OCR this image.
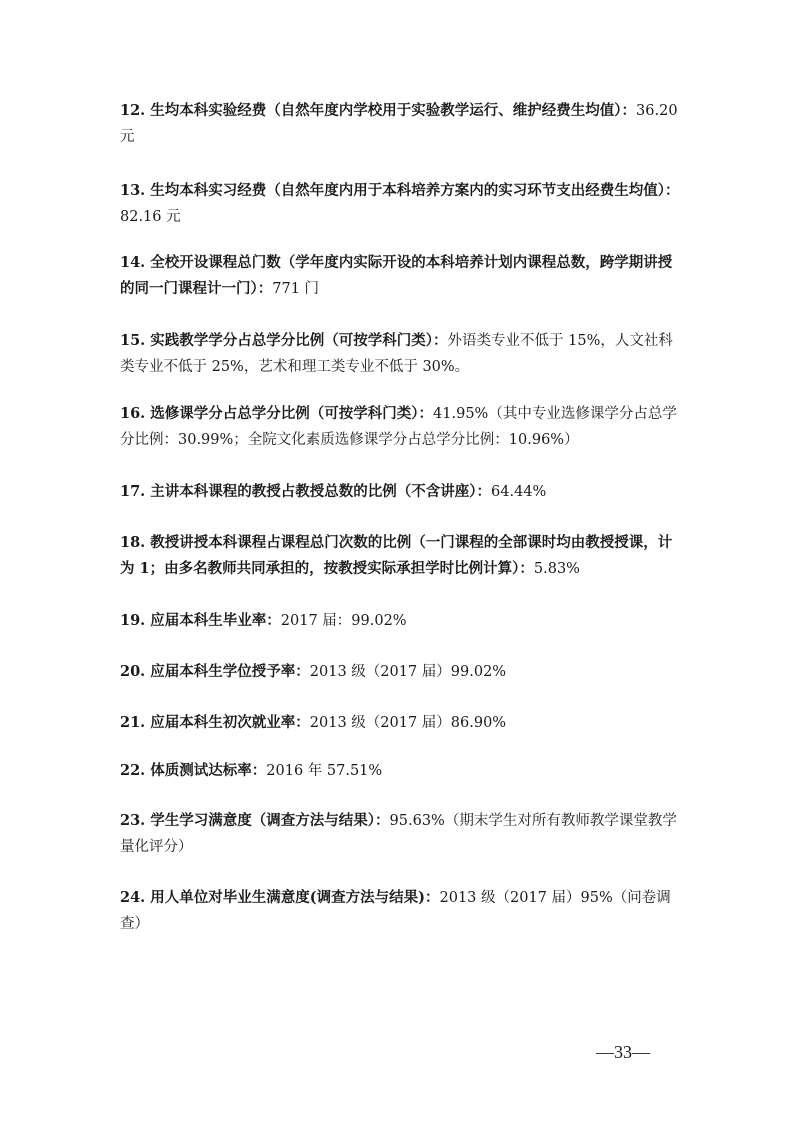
12. 生均本科实验经费（自然年度内学校用于实验教学运行、维护经费生均值）：36.20 元

13. 生均本科实习经费（自然年度内用于本科培养方案内的实习环节支出经费生均值）：82.16 元

14. 全校开设课程总门数（学年度内实际开设的本科培养计划内课程总数，跨学期讲授的同一门课程计一门）：771 门

15. 实践教学学分占总学分比例（可按学科门类）：外语类专业不低于 15%，人文社科类专业不低于 25%，艺术和理工类专业不低于 30%。

16. 选修课学分占总学分比例（可按学科门类）：41.95%（其中专业选修课学分占总学分比例：30.99%；全院文化素质选修课学分占总学分比例：10.96%）

17. 主讲本科课程的教授占教授总数的比例（不含讲座）：64.44%

18. 教授讲授本科课程占课程总门次数的比例（一门课程的全部课时均由教授授课，计为 1；由多名教师共同承担的，按教授实际承担学时比例计算）：5.83%

19. 应届本科生毕业率：2017 届：99.02%

20. 应届本科生学位授予率：2013 级（2017 届）99.02%

21. 应届本科生初次就业率：2013 级（2017 届）86.90%

22. 体质测试达标率：2016 年 57.51%

23. 学生学习满意度（调查方法与结果）：95.63%（期末学生对所有教师教学课堂教学量化评分）

24. 用人单位对毕业生满意度(调查方法与结果)：2013 级（2017 届）95%（问卷调查）

—33—
